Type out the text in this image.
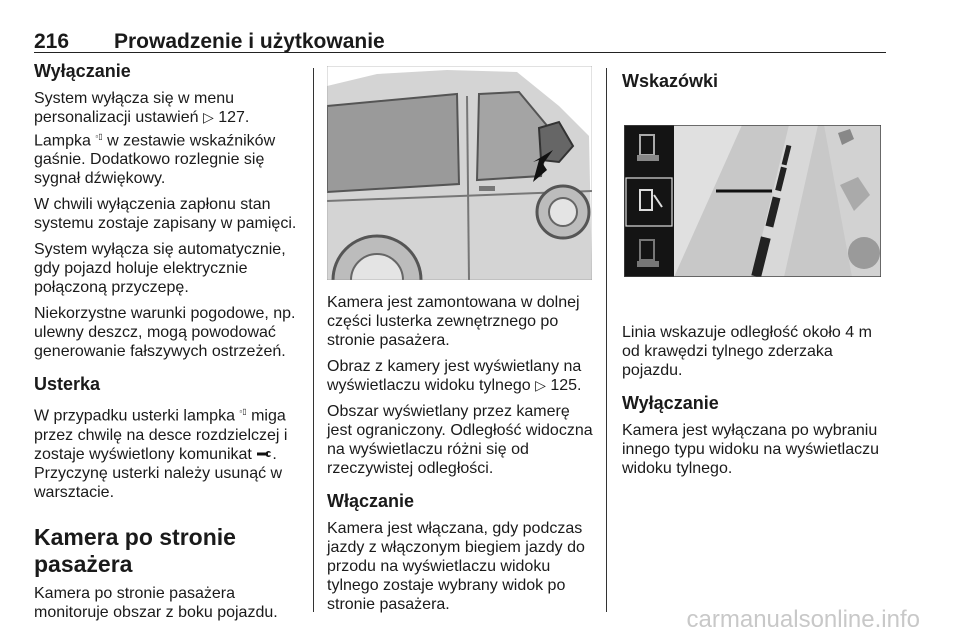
216 Prowadzenie i użytkowanie
Wyłączanie

System wyłącza się w menu personalizacji ustawień ▷ 127.
Lampka ▫▯ w zestawie wskaźników gaśnie. Dodatkowo rozlegnie się sygnał dźwiękowy.

W chwili wyłączenia zapłonu stan systemu zostaje zapisany w pamięci.

System wyłącza się automatycznie, gdy pojazd holuje elektrycznie połączoną przyczepę.

Niekorzystne warunki pogodowe, np. ulewny deszcz, mogą powodować generowanie fałszywych ostrzeżeń.

Usterka

W przypadku usterki lampka ▫▯ miga przez chwilę na desce rozdzielczej i zostaje wyświetlony komunikat . Przyczynę usterki należy usunąć w warsztacie.

Kamera po stronie pasażera

Kamera po stronie pasażera monitoruje obszar z boku pojazdu.

Kamera jest zamontowana w dolnej części lusterka zewnętrznego po stronie pasażera.

Obraz z kamery jest wyświetlany na wyświetlaczu widoku tylnego ▷ 125.

Obszar wyświetlany przez kamerę jest ograniczony. Odległość widoczna na wyświetlaczu różni się od rzeczywistej odległości.

Włączanie

Kamera jest włączana, gdy podczas jazdy z włączonym biegiem jazdy do przodu na wyświetlaczu widoku tylnego zostaje wybrany widok po stronie pasażera.

Wskazówki

Linia wskazuje odległość około 4 m od krawędzi tylnego zderzaka pojazdu.

Wyłączanie

Kamera jest wyłączana po wybraniu innego typu widoku na wyświetlaczu widoku tylnego.

carmanualsonline.info
